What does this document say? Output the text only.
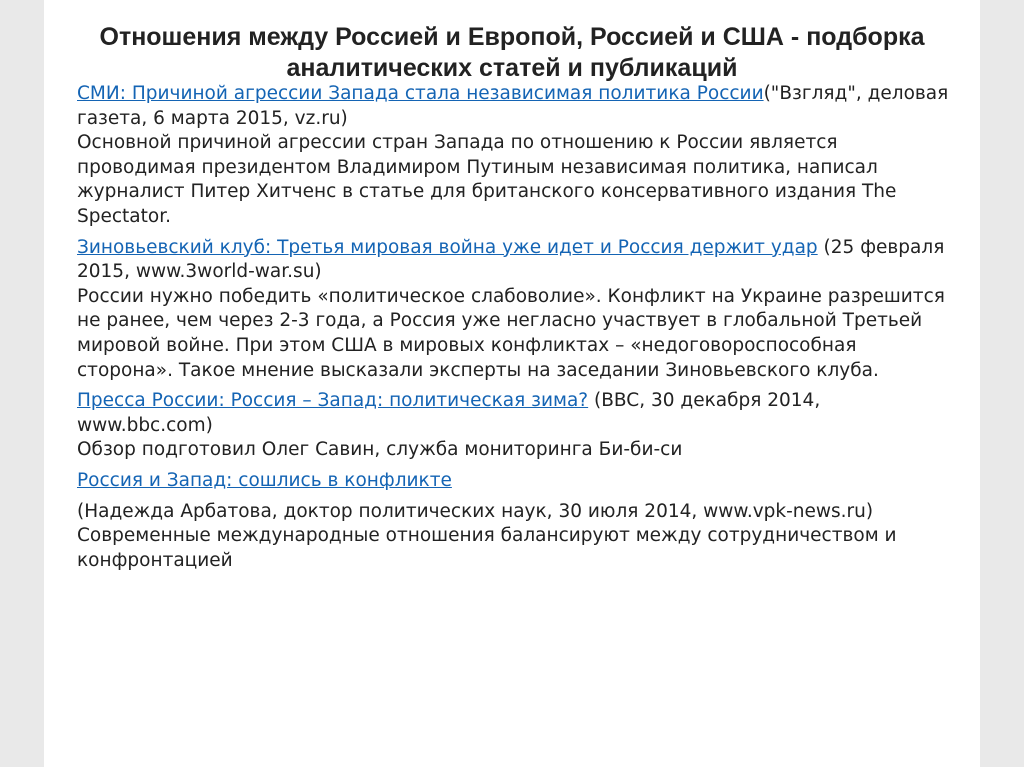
Отношения между Россией и Европой, Россией и США - подборка аналитических статей и публикаций

СМИ: Причиной агрессии Запада стала независимая политика России("Взгляд", деловая газета, 6 марта 2015, vz.ru)

Основной причиной агрессии стран Запада по отношению к России является проводимая президентом Владимиром Путиным независимая политика, написал журналист Питер Хитченс в статье для британского консервативного издания The Spectator.

Зиновьевский клуб: Третья мировая война уже идет и Россия держит удар (25 февраля 2015, www.3world-war.su)

России нужно победить «политическое слабоволие». Конфликт на Украине разрешится не ранее, чем через 2-3 года, а Россия уже негласно участвует в глобальной Третьей мировой войне. При этом США в мировых конфликтах – «недоговороспособная сторона». Такое мнение высказали эксперты на заседании Зиновьевского клуба.

Пресса России: Россия – Запад: политическая зима? (BBC, 30 декабря 2014, www.bbc.com)

Обзор подготовил Олег Савин, служба мониторинга Би-би-си

Россия и Запад: сошлись в конфликте

(Надежда Арбатова, доктор политических наук, 30 июля 2014, www.vpk-news.ru)

Современные международные отношения балансируют между сотрудничеством и конфронтацией
